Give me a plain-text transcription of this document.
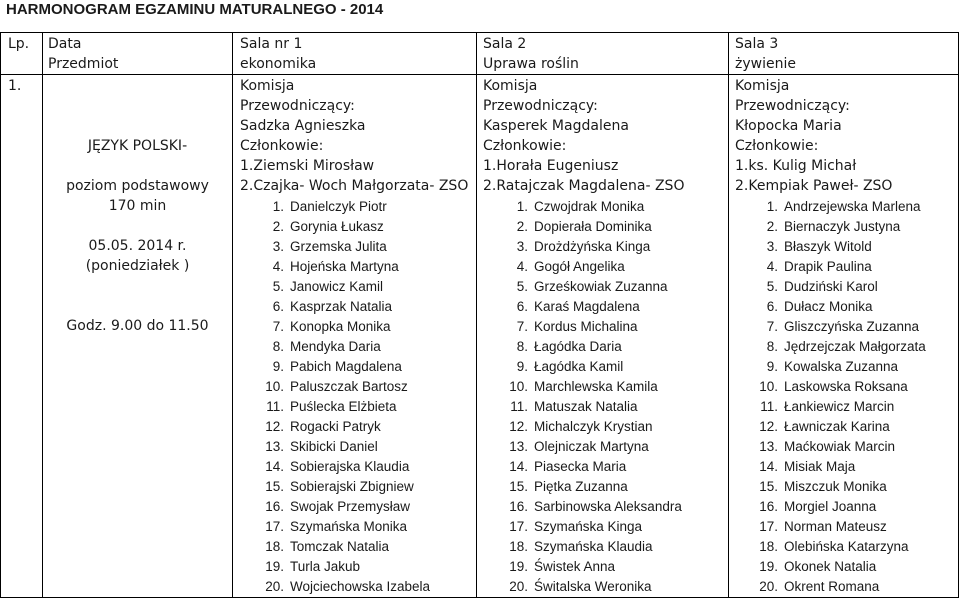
HARMONOGRAM EGZAMINU MATURALNEGO - 2014
Lp. Data
Przedmiot
Sala nr 1
ekonomika
Sala 2
Uprawa roślin
Sala 3
żywienie
1.
JĘZYK POLSKI-
poziom podstawowy
170 min
05.05. 2014 r.
(poniedziałek )
Godz. 9.00 do 11.50
Komisja
Przewodniczący:
Sadzka Agnieszka
Członkowie:
1.Ziemski Mirosław
2.Czajka- Woch Małgorzata- ZSO
Komisja
Przewodniczący:
Kasperek Magdalena
Członkowie:
1.Horała Eugeniusz
2.Ratajczak Magdalena- ZSO
Komisja
Przewodniczący:
Kłopocka Maria
Członkowie:
1.ks. Kulig Michał
2.Kempiak Paweł- ZSO
1. Danielczyk Piotr
2. Gorynia Łukasz
3. Grzemska Julita
4. Hojeńska Martyna
5. Janowicz Kamil
6. Kasprzak Natalia
7. Konopka Monika
8. Mendyka Daria
9. Pabich Magdalena
10. Paluszczak Bartosz
11. Puślecka Elżbieta
12. Rogacki Patryk
13. Skibicki Daniel
14. Sobierajska Klaudia
15. Sobierajski Zbigniew
16. Swojak Przemysław
17. Szymańska Monika
18. Tomczak Natalia
19. Turla Jakub
20. Wojciechowska Izabela
1. Czwojdrak Monika
2. Dopierała Dominika
3. Drożdżyńska Kinga
4. Gogół Angelika
5. Grześkowiak Zuzanna
6. Karaś Magdalena
7. Kordus Michalina
8. Łagódka Daria
9. Łagódka Kamil
10. Marchlewska Kamila
11. Matuszak Natalia
12. Michalczyk Krystian
13. Olejniczak Martyna
14. Piasecka Maria
15. Piętka Zuzanna
16. Sarbinowska Aleksandra
17. Szymańska Kinga
18. Szymańska Klaudia
19. Świstek Anna
20. Świtalska Weronika
1. Andrzejewska Marlena
2. Biernaczyk Justyna
3. Błaszyk Witold
4. Drapik Paulina
5. Dudziński Karol
6. Dułacz Monika
7. Gliszczyńska Zuzanna
8. Jędrzejczak Małgorzata
9. Kowalska Zuzanna
10. Laskowska Roksana
11. Łankiewicz Marcin
12. Ławniczak Karina
13. Maćkowiak Marcin
14. Misiak Maja
15. Miszczuk Monika
16. Morgiel Joanna
17. Norman Mateusz
18. Olebińska Katarzyna
19. Okonek Natalia
20. Okrent Romana
